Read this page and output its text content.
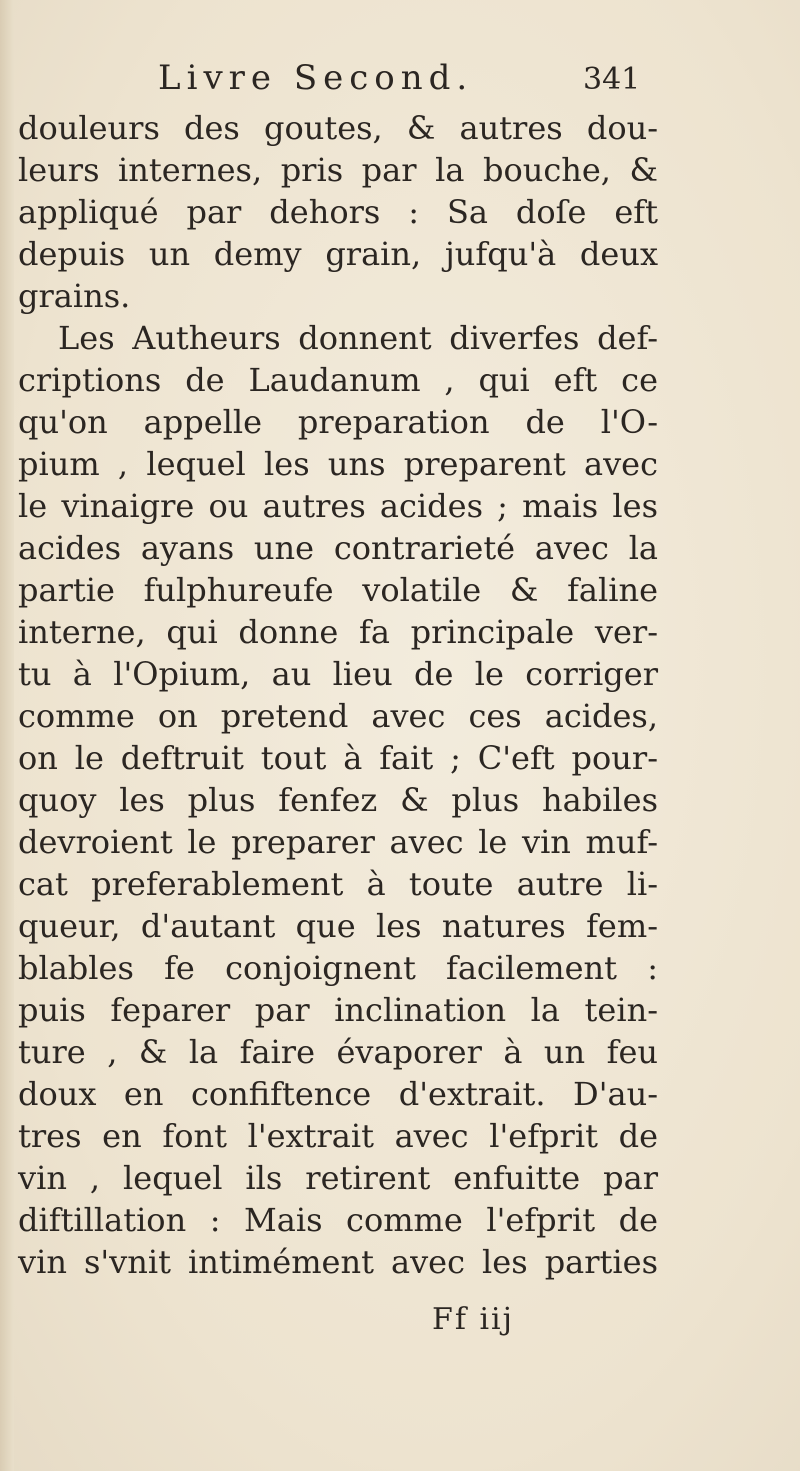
Livre Second.	341
douleurs des goutes, & autres dou-
leurs internes, pris par la bouche, &
appliqué par dehors : Sa doſe eft
depuis un demy grain, jufqu'à deux
grains.
Les Autheurs donnent diverfes def-
criptions de Laudanum , qui eft ce
qu'on appelle preparation de l'O-
pium , lequel les uns preparent avec
le vinaigre ou autres acides ; mais les
acides ayans une contrarieté avec la
partie fulphureufe volatile & faline
interne, qui donne fa principale ver-
tu à l'Opium, au lieu de le corriger
comme on pretend avec ces acides,
on le deftruit tout à fait ; C'eft pour-
quoy les plus fenfez & plus habiles
devroient le preparer avec le vin muf-
cat preferablement à toute autre li-
queur, d'autant que les natures fem-
blables fe conjoignent facilement :
puis feparer par inclination la tein-
ture , & la faire évaporer à un feu
doux en confiftence d'extrait. D'au-
tres en font l'extrait avec l'efprit de
vin , lequel ils retirent enfuitte par
diftillation : Mais comme l'efprit de
vin s'vnit intimément avec les parties
Ff iij
